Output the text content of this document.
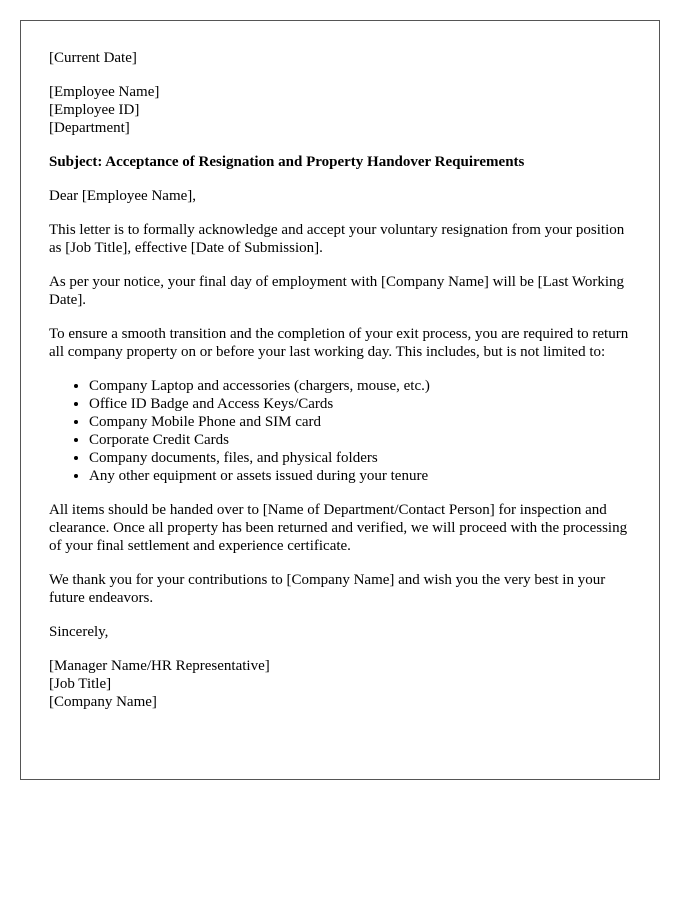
[Current Date]

[Employee Name]
[Employee ID]
[Department]

Subject: Acceptance of Resignation and Property Handover Requirements

Dear [Employee Name],

This letter is to formally acknowledge and accept your voluntary resignation from your position as [Job Title], effective [Date of Submission].

As per your notice, your final day of employment with [Company Name] will be [Last Working Date].

To ensure a smooth transition and the completion of your exit process, you are required to return all company property on or before your last working day. This includes, but is not limited to:

• Company Laptop and accessories (chargers, mouse, etc.)
• Office ID Badge and Access Keys/Cards
• Company Mobile Phone and SIM card
• Corporate Credit Cards
• Company documents, files, and physical folders
• Any other equipment or assets issued during your tenure

All items should be handed over to [Name of Department/Contact Person] for inspection and clearance. Once all property has been returned and verified, we will proceed with the processing of your final settlement and experience certificate.

We thank you for your contributions to [Company Name] and wish you the very best in your future endeavors.

Sincerely,

[Manager Name/HR Representative]
[Job Title]
[Company Name]
